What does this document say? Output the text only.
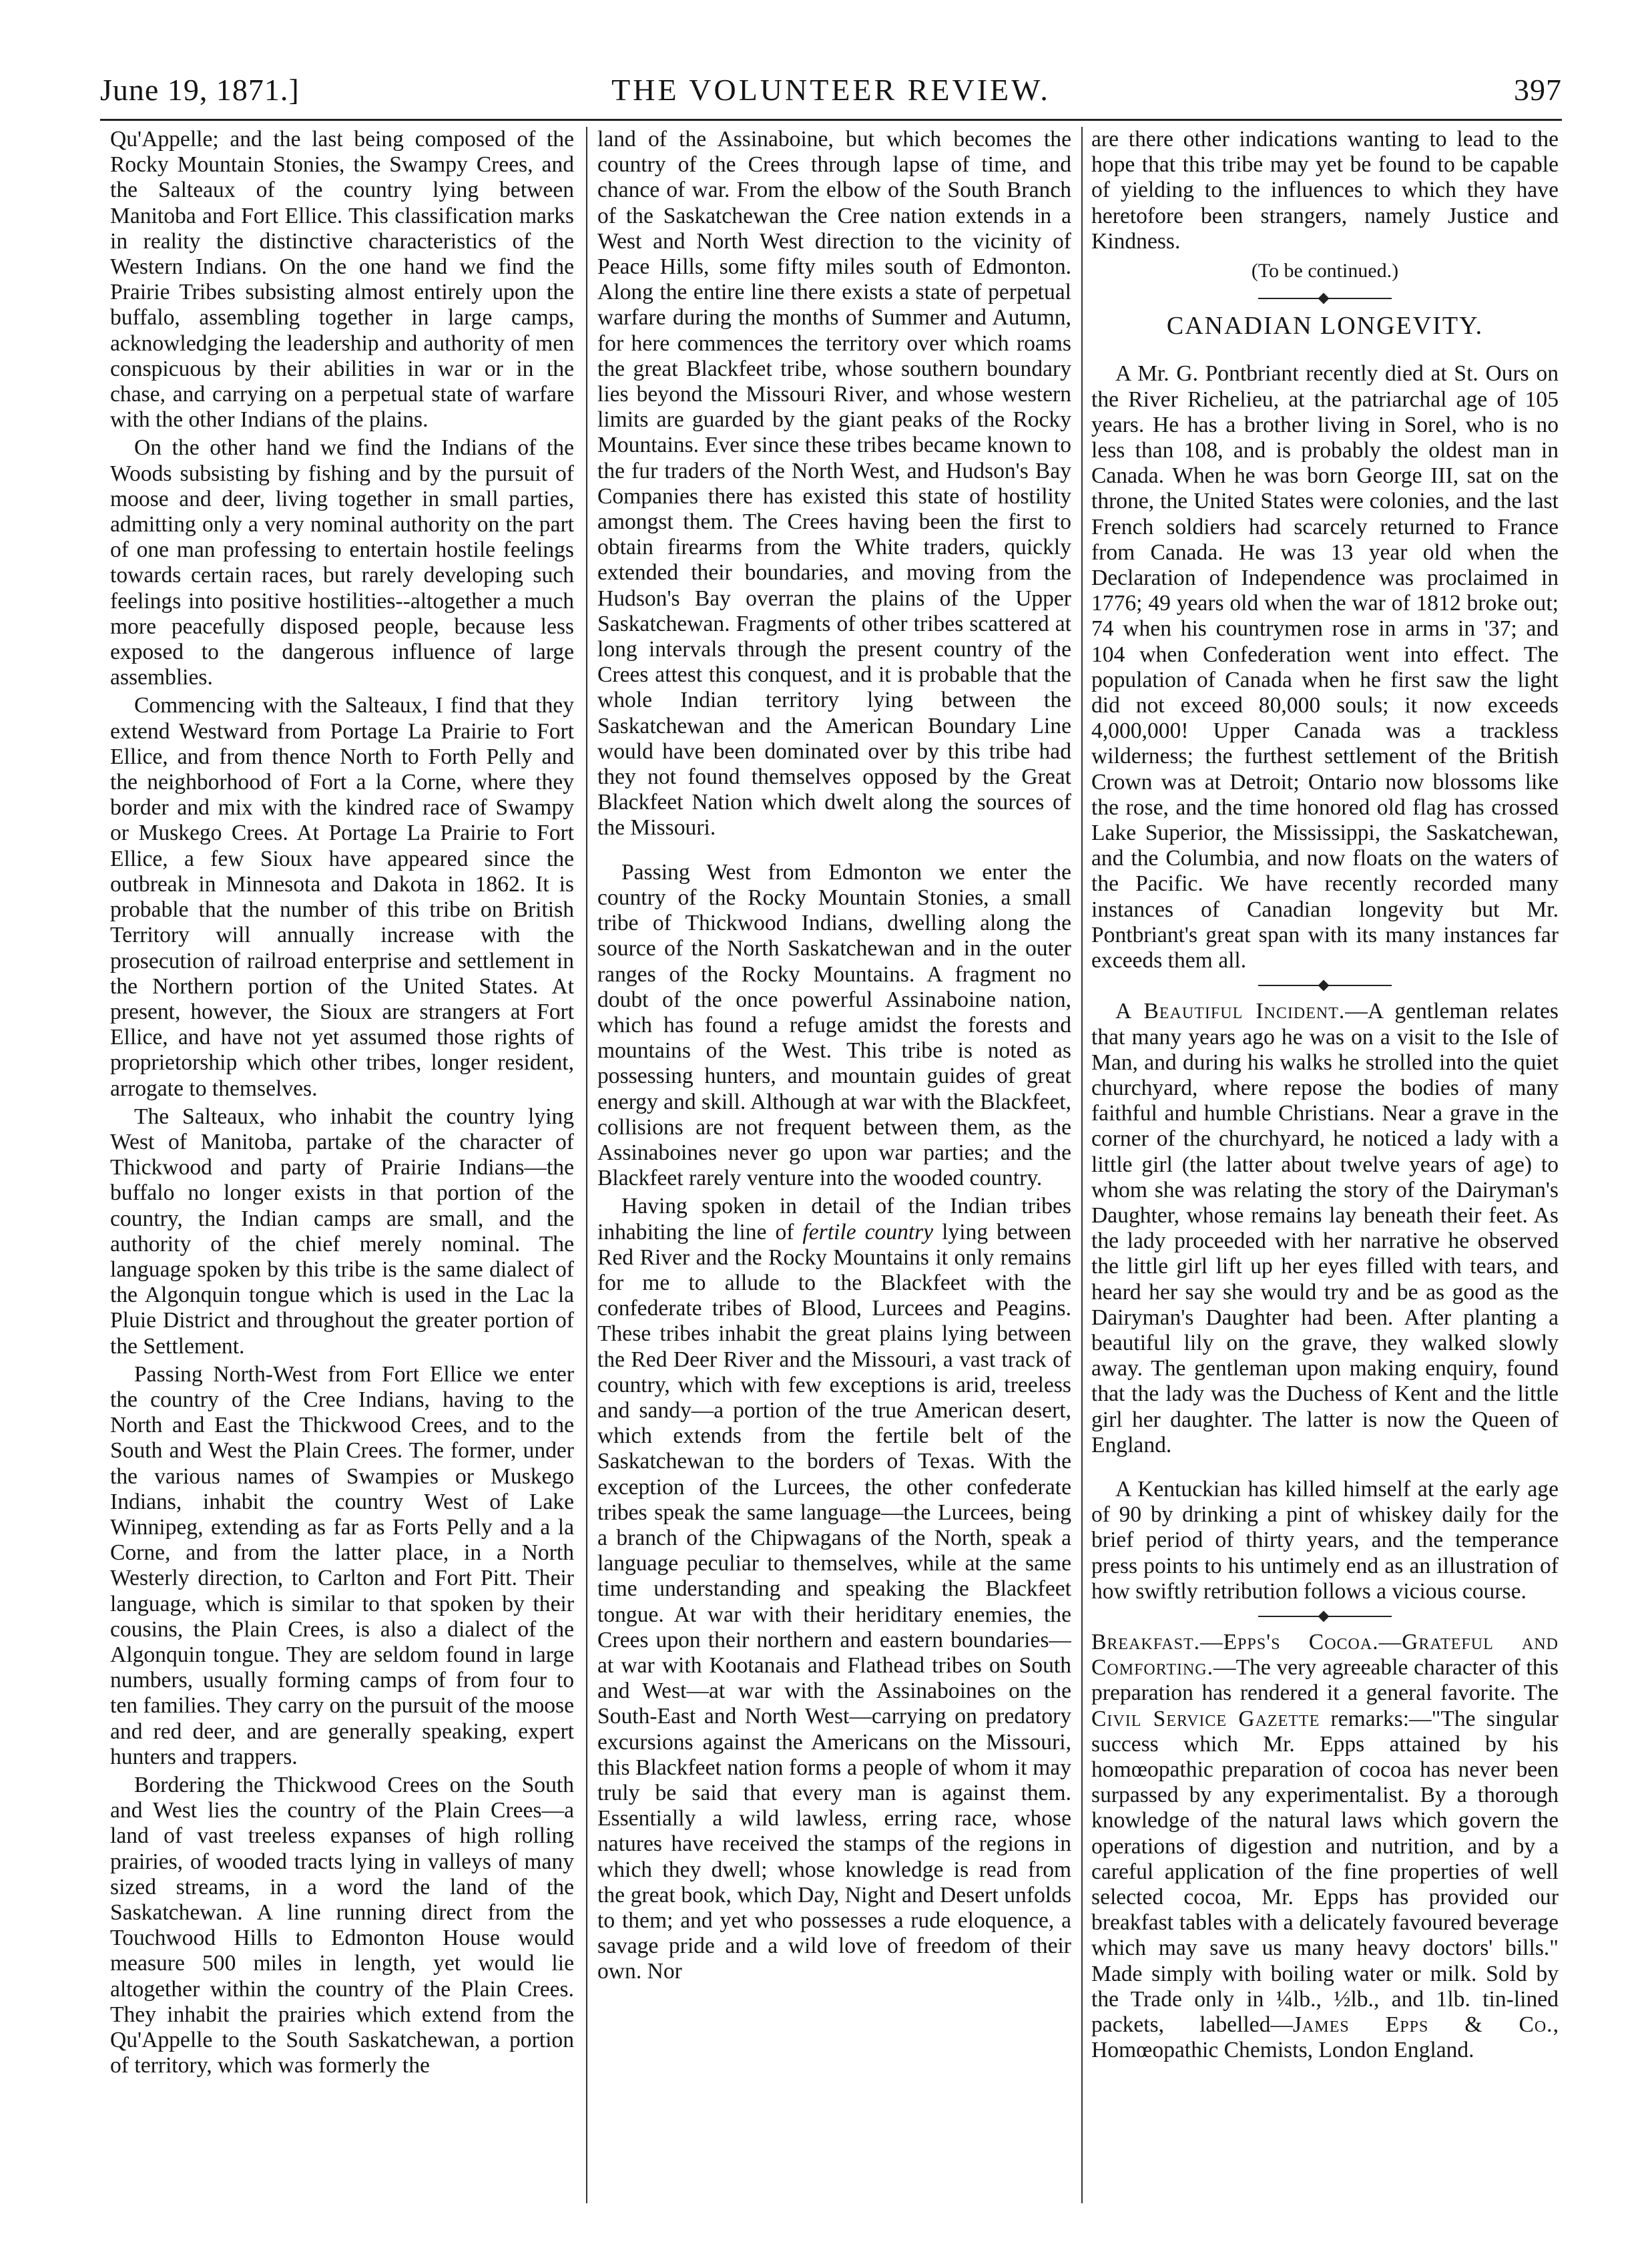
June 19, 1871.]	THE VOLUNTEER REVIEW.	397

Qu'Appelle; and the last being composed of the Rocky Mountain Stonies, the Swampy Crees, and the Salteaux of the country lying between Manitoba and Fort Ellice. This classification marks in reality the distinctive characteristics of the Western Indians. On the one hand we find the Prairie Tribes subsisting almost entirely upon the buffalo, assembling together in large camps, acknowledging the leadership and authority of men conspicuous by their abilities in war or in the chase, and carrying on a perpetual state of warfare with the other Indians of the plains.

On the other hand we find the Indians of the Woods subsisting by fishing and by the pursuit of moose and deer, living together in small parties, admitting only a very nominal authority on the part of one man professing to entertain hostile feelings towards certain races, but rarely developing such feelings into positive hostilities--altogether a much more peacefully disposed people, because less exposed to the dangerous influence of large assemblies.

Commencing with the Salteaux, I find that they extend Westward from Portage La Prairie to Fort Ellice, and from thence North to Forth Pelly and the neighborhood of Fort a la Corne, where they border and mix with the kindred race of Swampy or Muskego Crees. At Portage La Prairie to Fort Ellice, a few Sioux have appeared since the outbreak in Minnesota and Dakota in 1862. It is probable that the number of this tribe on British Territory will annually increase with the prosecution of railroad enterprise and settlement in the Northern portion of the United States. At present, however, the Sioux are strangers at Fort Ellice, and have not yet assumed those rights of proprietorship which other tribes, longer resident, arrogate to themselves.

The Salteaux, who inhabit the country lying West of Manitoba, partake of the character of Thickwood and party of Prairie Indians—the buffalo no longer exists in that portion of the country, the Indian camps are small, and the authority of the chief merely nominal. The language spoken by this tribe is the same dialect of the Algonquin tongue which is used in the Lac la Pluie District and throughout the greater portion of the Settlement.

Passing North-West from Fort Ellice we enter the country of the Cree Indians, having to the North and East the Thickwood Crees, and to the South and West the Plain Crees. The former, under the various names of Swampies or Muskego Indians, inhabit the country West of Lake Winnipeg, extending as far as Forts Pelly and a la Corne, and from the latter place, in a North Westerly direction, to Carlton and Fort Pitt. Their language, which is similar to that spoken by their cousins, the Plain Crees, is also a dialect of the Algonquin tongue. They are seldom found in large numbers, usually forming camps of from four to ten families. They carry on the pursuit of the moose and red deer, and are generally speaking, expert hunters and trappers.

Bordering the Thickwood Crees on the South and West lies the country of the Plain Crees—a land of vast treeless expanses of high rolling prairies, of wooded tracts lying in valleys of many sized streams, in a word the land of the Saskatchewan. A line running direct from the Touchwood Hills to Edmonton House would measure 500 miles in length, yet would lie altogether within the country of the Plain Crees. They inhabit the prairies which extend from the Qu'Appelle to the South Saskatchewan, a portion of territory, which was formerly the

land of the Assinaboine, but which becomes the country of the Crees through lapse of time, and chance of war. From the elbow of the South Branch of the Saskatchewan the Cree nation extends in a West and North West direction to the vicinity of Peace Hills, some fifty miles south of Edmonton. Along the entire line there exists a state of perpetual warfare during the months of Summer and Autumn, for here commences the territory over which roams the great Blackfeet tribe, whose southern boundary lies beyond the Missouri River, and whose western limits are guarded by the giant peaks of the Rocky Mountains. Ever since these tribes became known to the fur traders of the North West, and Hudson's Bay Companies there has existed this state of hostility amongst them. The Crees having been the first to obtain firearms from the White traders, quickly extended their boundaries, and moving from the Hudson's Bay overran the plains of the Upper Saskatchewan. Fragments of other tribes scattered at long intervals through the present country of the Crees attest this conquest, and it is probable that the whole Indian territory lying between the Saskatchewan and the American Boundary Line would have been dominated over by this tribe had they not found themselves opposed by the Great Blackfeet Nation which dwelt along the sources of the Missouri.

Passing West from Edmonton we enter the country of the Rocky Mountain Stonies, a small tribe of Thickwood Indians, dwelling along the source of the North Saskatchewan and in the outer ranges of the Rocky Mountains. A fragment no doubt of the once powerful Assinaboine nation, which has found a refuge amidst the forests and mountains of the West. This tribe is noted as possessing hunters, and mountain guides of great energy and skill. Although at war with the Blackfeet, collisions are not frequent between them, as the Assinaboines never go upon war parties; and the Blackfeet rarely venture into the wooded country.

Having spoken in detail of the Indian tribes inhabiting the line of fertile country lying between Red River and the Rocky Mountains it only remains for me to allude to the Blackfeet with the confederate tribes of Blood, Lurcees and Peagins. These tribes inhabit the great plains lying between the Red Deer River and the Missouri, a vast track of country, which with few exceptions is arid, treeless and sandy—a portion of the true American desert, which extends from the fertile belt of the Saskatchewan to the borders of Texas. With the exception of the Lurcees, the other confederate tribes speak the same language—the Lurcees, being a branch of the Chipwagans of the North, speak a language peculiar to themselves, while at the same time understanding and speaking the Blackfeet tongue. At war with their heriditary enemies, the Crees upon their northern and eastern boundaries—at war with Kootanais and Flathead tribes on South and West—at war with the Assinaboines on the South-East and North West—carrying on predatory excursions against the Americans on the Missouri, this Blackfeet nation forms a people of whom it may truly be said that every man is against them. Essentially a wild lawless, erring race, whose natures have received the stamps of the regions in which they dwell; whose knowledge is read from the great book, which Day, Night and Desert unfolds to them; and yet who possesses a rude eloquence, a savage pride and a wild love of freedom of their own. Nor

are there other indications wanting to lead to the hope that this tribe may yet be found to be capable of yielding to the influences to which they have heretofore been strangers, namely Justice and Kindness.

(To be continued.)

CANADIAN LONGEVITY.

A Mr. G. Pontbriant recently died at St. Ours on the River Richelieu, at the patriarchal age of 105 years. He has a brother living in Sorel, who is no less than 108, and is probably the oldest man in Canada. When he was born George III, sat on the throne, the United States were colonies, and the last French soldiers had scarcely returned to France from Canada. He was 13 year old when the Declaration of Independence was proclaimed in 1776; 49 years old when the war of 1812 broke out; 74 when his countrymen rose in arms in '37; and 104 when Confederation went into effect. The population of Canada when he first saw the light did not exceed 80,000 souls; it now exceeds 4,000,000! Upper Canada was a trackless wilderness; the furthest settlement of the British Crown was at Detroit; Ontario now blossoms like the rose, and the time honored old flag has crossed Lake Superior, the Mississippi, the Saskatchewan, and the Columbia, and now floats on the waters of the Pacific. We have recently recorded many instances of Canadian longevity but Mr. Pontbriant's great span with its many instances far exceeds them all.

A Beautiful Incident.—A gentleman relates that many years ago he was on a visit to the Isle of Man, and during his walks he strolled into the quiet churchyard, where repose the bodies of many faithful and humble Christians. Near a grave in the corner of the churchyard, he noticed a lady with a little girl (the latter about twelve years of age) to whom she was relating the story of the Dairyman's Daughter, whose remains lay beneath their feet. As the lady proceeded with her narrative he observed the little girl lift up her eyes filled with tears, and heard her say she would try and be as good as the Dairyman's Daughter had been. After planting a beautiful lily on the grave, they walked slowly away. The gentleman upon making enquiry, found that the lady was the Duchess of Kent and the little girl her daughter. The latter is now the Queen of England.

A Kentuckian has killed himself at the early age of 90 by drinking a pint of whiskey daily for the brief period of thirty years, and the temperance press points to his untimely end as an illustration of how swiftly retribution follows a vicious course.

Breakfast.—Epps's Cocoa.—Grateful and Comforting.—The very agreeable character of this preparation has rendered it a general favorite. The Civil Service Gazette remarks:—"The singular success which Mr. Epps attained by his homœopathic preparation of cocoa has never been surpassed by any experimentalist. By a thorough knowledge of the natural laws which govern the operations of digestion and nutrition, and by a careful application of the fine properties of well selected cocoa, Mr. Epps has provided our breakfast tables with a delicately favoured beverage which may save us many heavy doctors' bills." Made simply with boiling water or milk. Sold by the Trade only in ¼lb., ½lb., and 1lb. tin-lined packets, labelled—James Epps & Co., Homœopathic Chemists, London England.
